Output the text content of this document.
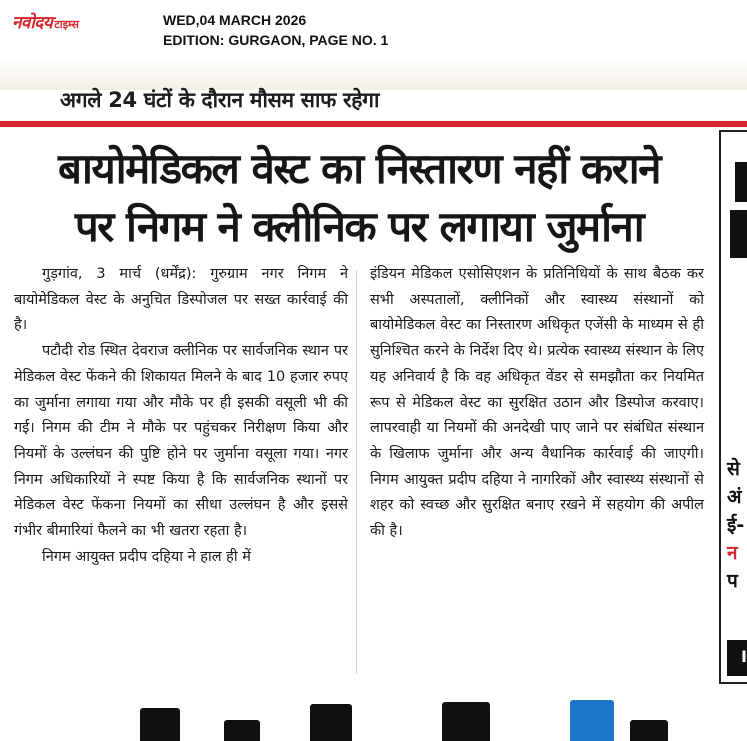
नवोदय टाइम्स	WED,04 MARCH 2026
EDITION: GURGAON, PAGE NO. 1
अगले 24 घंटों के दौरान मौसम साफ रहेगा
बायोमेडिकल वेस्ट का निस्तारण नहीं कराने
पर निगम ने क्लीनिक पर लगाया जुर्माना

गुड़गांव, 3 मार्च (धर्मेंद्र): गुरुग्राम नगर निगम ने बायोमेडिकल वेस्ट के अनुचित डिस्पोजल पर सख्त कार्रवाई की है।

पटौदी रोड स्थित देवराज क्लीनिक पर सार्वजनिक स्थान पर मेडिकल वेस्ट फेंकने की शिकायत मिलने के बाद 10 हजार रुपए का जुर्माना लगाया गया और मौके पर ही इसकी वसूली भी की गई। निगम की टीम ने मौके पर पहुंचकर निरीक्षण किया और नियमों के उल्लंघन की पुष्टि होने पर जुर्माना वसूला गया। नगर निगम अधिकारियों ने स्पष्ट किया है कि सार्वजनिक स्थानों पर मेडिकल वेस्ट फेंकना नियमों का सीधा उल्लंघन है और इससे गंभीर बीमारियां फैलने का भी खतरा रहता है।

निगम आयुक्त प्रदीप दहिया ने हाल ही में

इंडियन मेडिकल एसोसिएशन के प्रतिनिधियों के साथ बैठक कर सभी अस्पतालों, क्लीनिकों और स्वास्थ्य संस्थानों को बायोमेडिकल वेस्ट का निस्तारण अधिकृत एजेंसी के माध्यम से ही सुनिश्चित करने के निर्देश दिए थे। प्रत्येक स्वास्थ्य संस्थान के लिए यह अनिवार्य है कि वह अधिकृत वेंडर से समझौता कर नियमित रूप से मेडिकल वेस्ट का सुरक्षित उठान और डिस्पोज करवाए। लापरवाही या नियमों की अनदेखी पाए जाने पर संबंधित संस्थान के खिलाफ जुर्माना और अन्य वैधानिक कार्रवाई की जाएगी। निगम आयुक्त प्रदीप दहिया ने नागरिकों और स्वास्थ्य संस्थानों से शहर को स्वच्छ और सुरक्षित बनाए रखने में सहयोग की अपील की है।

से
अं
ई-
न
प
I
